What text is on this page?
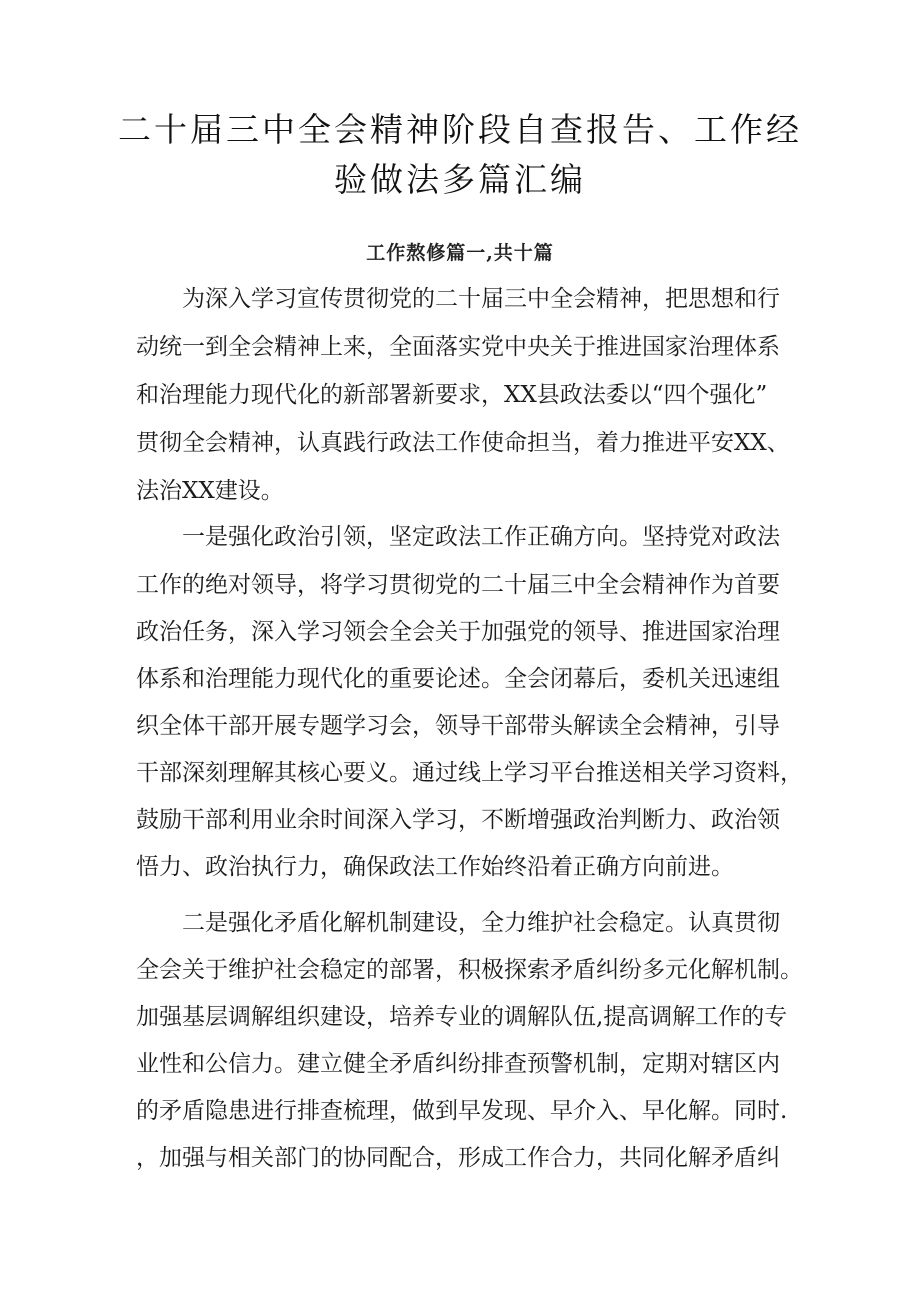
二十届三中全会精神阶段自查报告、工作经
验做法多篇汇编
工作熬修篇一,共十篇
为深入学习宣传贯彻党的二十届三中全会精神，把思想和行
动统一到全会精神上来，全面落实党中央关于推进国家治理体系
和治理能力现代化的新部署新要求，XX县政法委以“四个强化”
贯彻全会精神，认真践行政法工作使命担当，着力推进平安XX、
法治XX建设。
一是强化政治引领，坚定政法工作正确方向。坚持党对政法
工作的绝对领导，将学习贯彻党的二十届三中全会精神作为首要
政治任务，深入学习领会全会关于加强党的领导、推进国家治理
体系和治理能力现代化的重要论述。全会闭幕后，委机关迅速组
织全体干部开展专题学习会，领导干部带头解读全会精神，引导
干部深刻理解其核心要义。通过线上学习平台推送相关学习资料，
鼓励干部利用业余时间深入学习，不断增强政治判断力、政治领
悟力、政治执行力，确保政法工作始终沿着正确方向前进。
二是强化矛盾化解机制建设，全力维护社会稳定。认真贯彻
全会关于维护社会稳定的部署，积极探索矛盾纠纷多元化解机制。
加强基层调解组织建设，培养专业的调解队伍,提高调解工作的专
业性和公信力。建立健全矛盾纠纷排查预警机制，定期对辖区内
的矛盾隐患进行排查梳理，做到早发现、早介入、早化解。同时.
，加强与相关部门的协同配合，形成工作合力，共同化解矛盾纠
